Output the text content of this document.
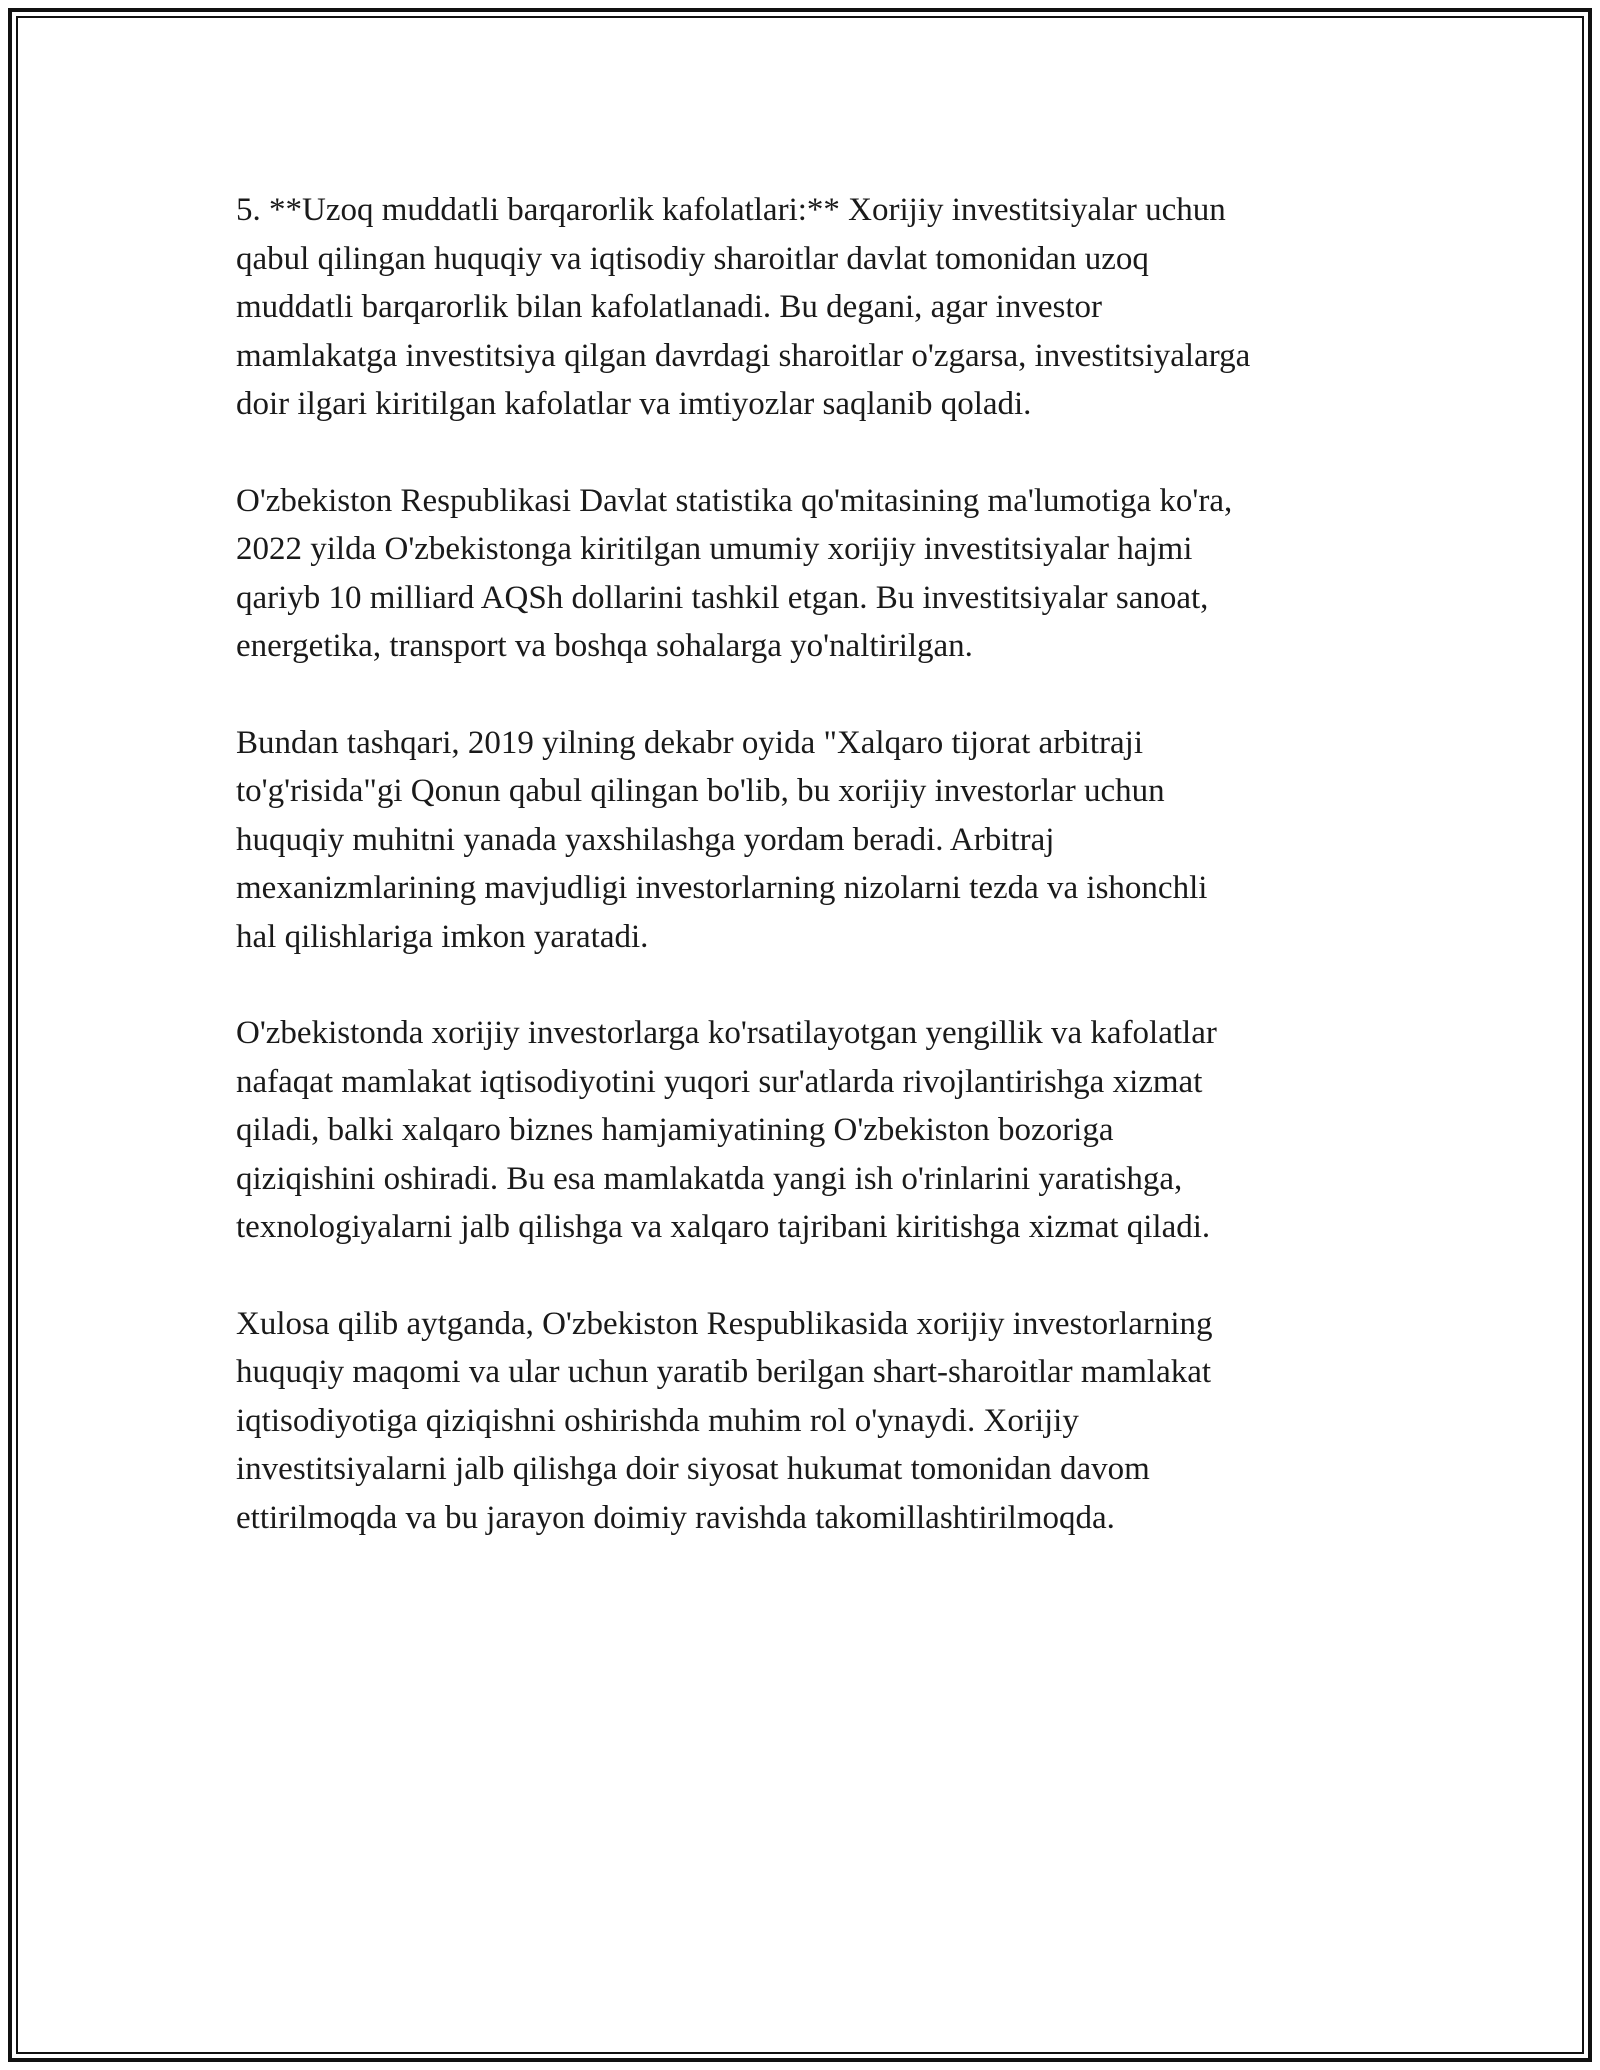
5. **Uzoq muddatli barqarorlik kafolatlari:** Xorijiy investitsiyalar uchun
qabul qilingan huquqiy va iqtisodiy sharoitlar davlat tomonidan uzoq
muddatli barqarorlik bilan kafolatlanadi. Bu degani, agar investor
mamlakatga investitsiya qilgan davrdagi sharoitlar o'zgarsa, investitsiyalarga
doir ilgari kiritilgan kafolatlar va imtiyozlar saqlanib qoladi.

O'zbekiston Respublikasi Davlat statistika qo'mitasining ma'lumotiga ko'ra,
2022 yilda O'zbekistonga kiritilgan umumiy xorijiy investitsiyalar hajmi
qariyb 10 milliard AQSh dollarini tashkil etgan. Bu investitsiyalar sanoat,
energetika, transport va boshqa sohalarga yo'naltirilgan.

Bundan tashqari, 2019 yilning dekabr oyida "Xalqaro tijorat arbitraji
to'g'risida"gi Qonun qabul qilingan bo'lib, bu xorijiy investorlar uchun
huquqiy muhitni yanada yaxshilashga yordam beradi. Arbitraj
mexanizmlarining mavjudligi investorlarning nizolarni tezda va ishonchli
hal qilishlariga imkon yaratadi.

O'zbekistonda xorijiy investorlarga ko'rsatilayotgan yengillik va kafolatlar
nafaqat mamlakat iqtisodiyotini yuqori sur'atlarda rivojlantirishga xizmat
qiladi, balki xalqaro biznes hamjamiyatining O'zbekiston bozoriga
qiziqishini oshiradi. Bu esa mamlakatda yangi ish o'rinlarini yaratishga,
texnologiyalarni jalb qilishga va xalqaro tajribani kiritishga xizmat qiladi.

Xulosa qilib aytganda, O'zbekiston Respublikasida xorijiy investorlarning
huquqiy maqomi va ular uchun yaratib berilgan shart-sharoitlar mamlakat
iqtisodiyotiga qiziqishni oshirishda muhim rol o'ynaydi. Xorijiy
investitsiyalarni jalb qilishga doir siyosat hukumat tomonidan davom
ettirilmoqda va bu jarayon doimiy ravishda takomillashtirilmoqda.
